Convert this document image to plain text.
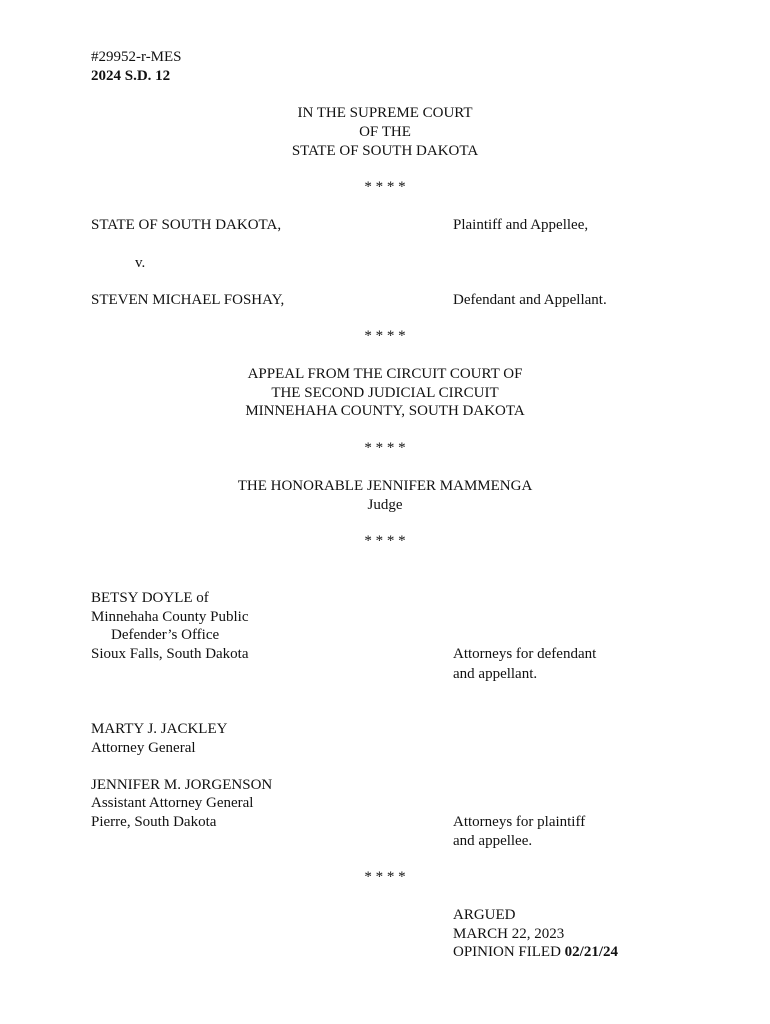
#29952-r-MES
2024 S.D. 12
IN THE SUPREME COURT
OF THE
STATE OF SOUTH DAKOTA
* * * *
STATE OF SOUTH DAKOTA,	Plaintiff and Appellee,
v.
STEVEN MICHAEL FOSHAY,	Defendant and Appellant.
* * * *
APPEAL FROM THE CIRCUIT COURT OF
THE SECOND JUDICIAL CIRCUIT
MINNEHAHA COUNTY, SOUTH DAKOTA
* * * *
THE HONORABLE JENNIFER MAMMENGA
Judge
* * * *
BETSY DOYLE of
Minnehaha County Public
Defender’s Office
Sioux Falls, South Dakota	Attorneys for defendant
and appellant.
MARTY J. JACKLEY
Attorney General
JENNIFER M. JORGENSON
Assistant Attorney General
Pierre, South Dakota	Attorneys for plaintiff
and appellee.
* * * *
ARGUED
MARCH 22, 2023
OPINION FILED 02/21/24
